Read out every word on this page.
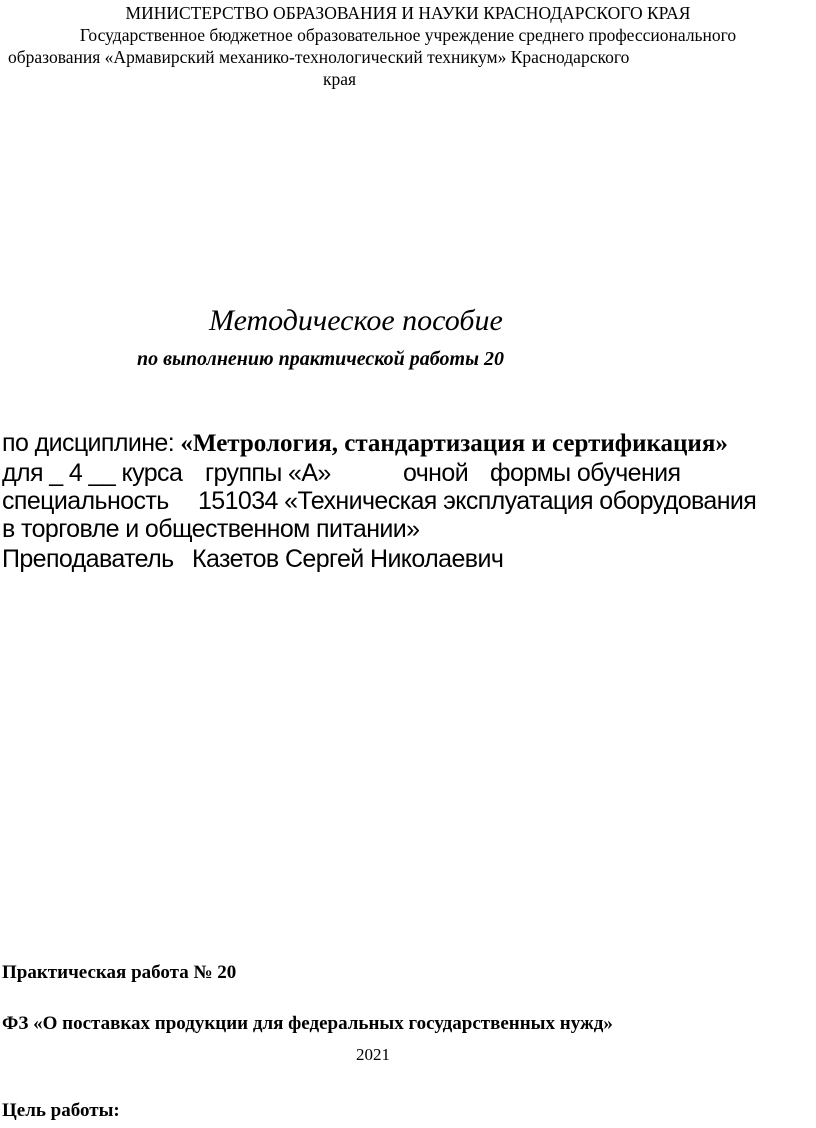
МИНИСТЕРСТВО ОБРАЗОВАНИЯ И НАУКИ КРАСНОДАРСКОГО КРАЯ
Государственное бюджетное образовательное учреждение среднего профессионального
образования «Армавирский механико-технологический техникум» Краснодарского
края
Методическое пособие
по выполнению практической работы 20
по дисциплине: «Метрология, стандартизация и сертификация»
для _ 4 __ курса группы «А»	очной формы обучения
специальность 151034 «Техническая эксплуатация оборудования
в торговле и общественном питании»
Преподаватель Казетов Сергей Николаевич
Практическая работа № 20
ФЗ «О поставках продукции для федеральных государственных нужд»
2021
Цель работы:
